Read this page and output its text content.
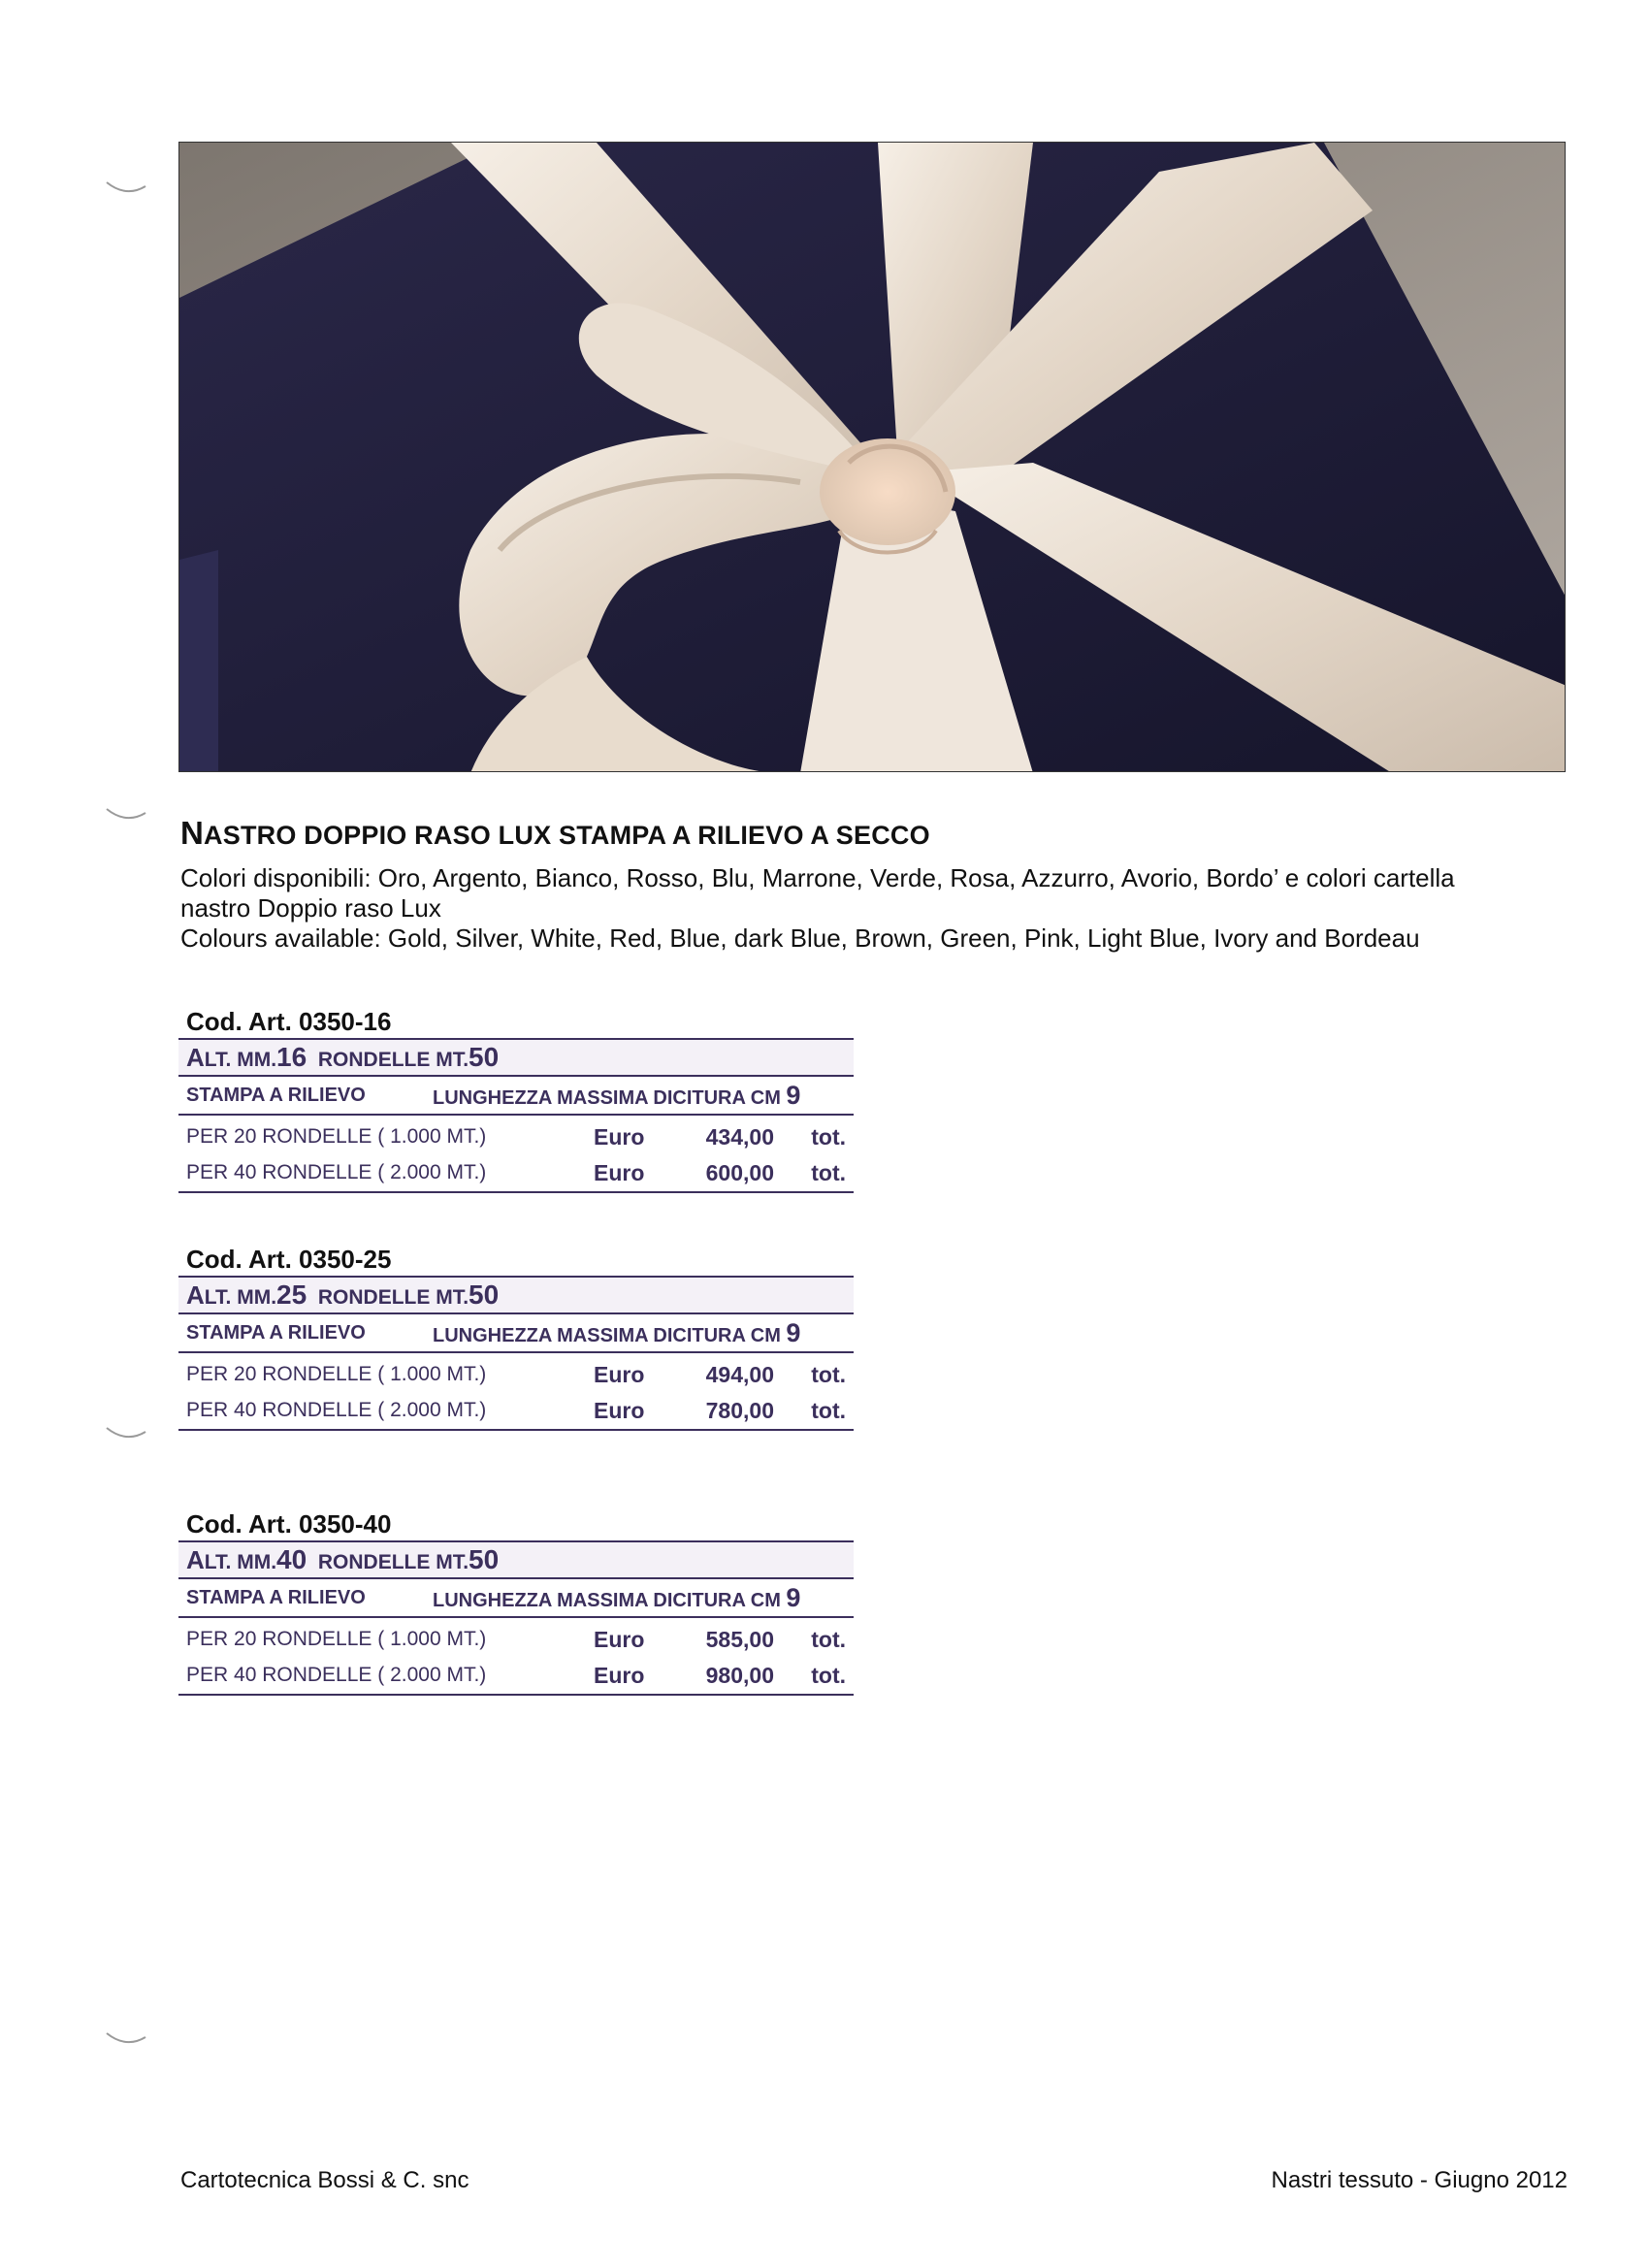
NASTRO DOPPIO RASO LUX STAMPA A RILIEVO A SECCO
Colori disponibili: Oro, Argento, Bianco, Rosso, Blu, Marrone, Verde, Rosa, Azzurro, Avorio, Bordo’ e colori cartella
nastro Doppio raso Lux
Colours available: Gold, Silver, White, Red, Blue, dark Blue, Brown, Green, Pink, Light Blue, Ivory and Bordeau
Cod. Art. 0350-16
ALT. MM.16 RONDELLE MT.50
STAMPA A RILIEVO	LUNGHEZZA MASSIMA DICITURA CM 9
PER 20 RONDELLE ( 1.000 MT.)	Euro	434,00 tot.
PER 40 RONDELLE ( 2.000 MT.)	Euro	600,00 tot.
Cod. Art. 0350-25
ALT. MM.25 RONDELLE MT.50
STAMPA A RILIEVO	LUNGHEZZA MASSIMA DICITURA CM 9
PER 20 RONDELLE ( 1.000 MT.)	Euro	494,00 tot.
PER 40 RONDELLE ( 2.000 MT.)	Euro	780,00 tot.
Cod. Art. 0350-40
ALT. MM.40 RONDELLE MT.50
STAMPA A RILIEVO	LUNGHEZZA MASSIMA DICITURA CM 9
PER 20 RONDELLE ( 1.000 MT.)	Euro	585,00 tot.
PER 40 RONDELLE ( 2.000 MT.)	Euro	980,00 tot.
Cartotecnica Bossi & C. snc	Nastri tessuto - Giugno 2012
